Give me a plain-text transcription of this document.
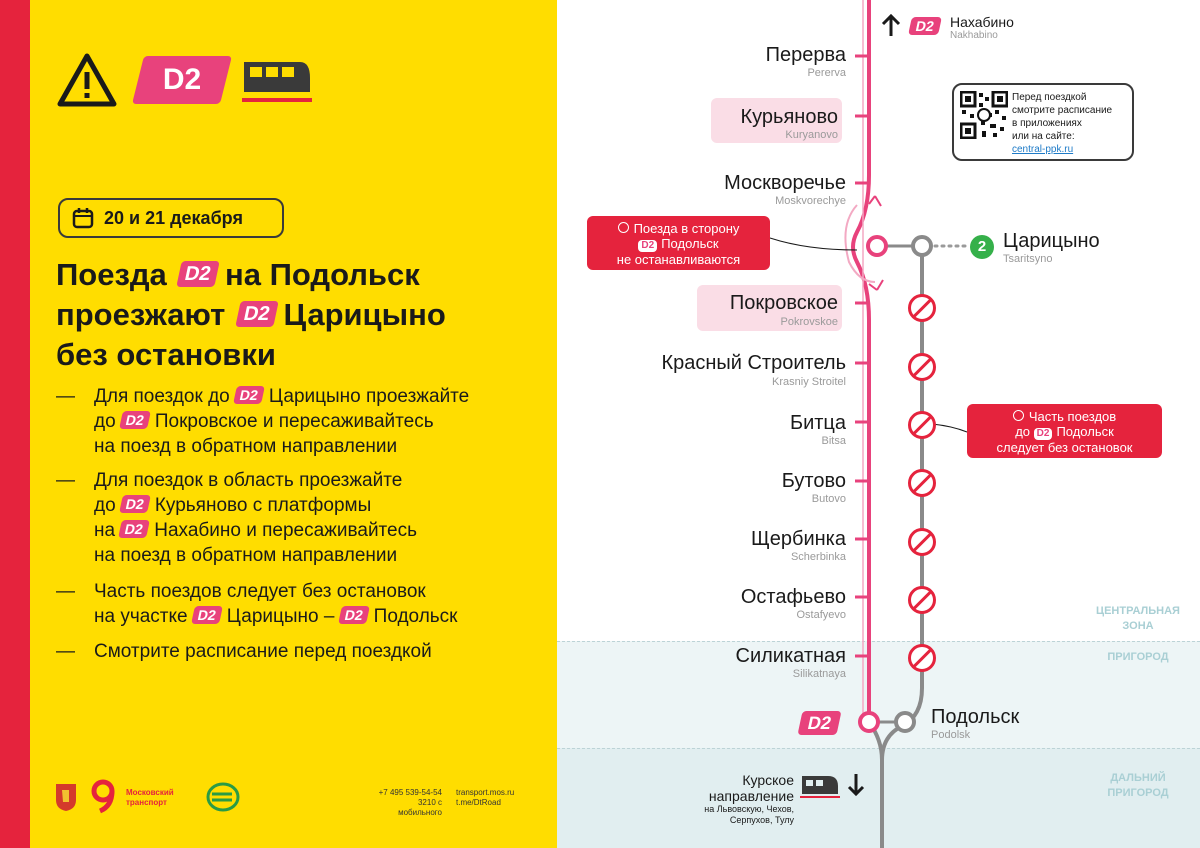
D2
20 и 21 декабря
Поезда D2 на Подольск
проезжают D2 Царицыно
без остановки
—	Для поездок до D2 Царицыно проезжайте
до D2 Покровское и пересаживайтесь
на поезд в обратном направлении
—	Для поездок в область проезжайте
до D2 Курьяново с платформы
на D2 Нахабино и пересаживайтесь
на поезд в обратном направлении
—	Часть поездов следует без остановок
на участке D2 Царицыно – D2 Подольск
—	Смотрите расписание перед поездкой
Московский
транспорт
+7 495 539-54-54
3210 с мобильного
transport.mos.ru
t.me/DtRoad
ЦЕНТРАЛЬНАЯ
ЗОНА
ПРИГОРОД
ДАЛЬНИЙ
ПРИГОРОД
D2	Нахабино
Nakhabino
Перед поездкой
смотрите расписание
в приложениях
или на сайте:
central-ppk.ru
Перерва
Pererva
Курьяново
Kuryanovo
Москворечье
Moskvorechye
Покровское
Pokrovskoe
Красный Строитель
Krasniy Stroitel
Битца
Bitsa
Бутово
Butovo
Щербинка
Scherbinka
Остафьево
Ostafyevo
Силикатная
Silikatnaya
2 Царицыно
Tsaritsyno
D2	Подольск
Podolsk
Поезда в сторону
D2 Подольск
не останавливаются
Часть поездов
до D2 Подольск
следует без остановок
Курское
направление
на Львовскую, Чехов,
Серпухов, Тулу
